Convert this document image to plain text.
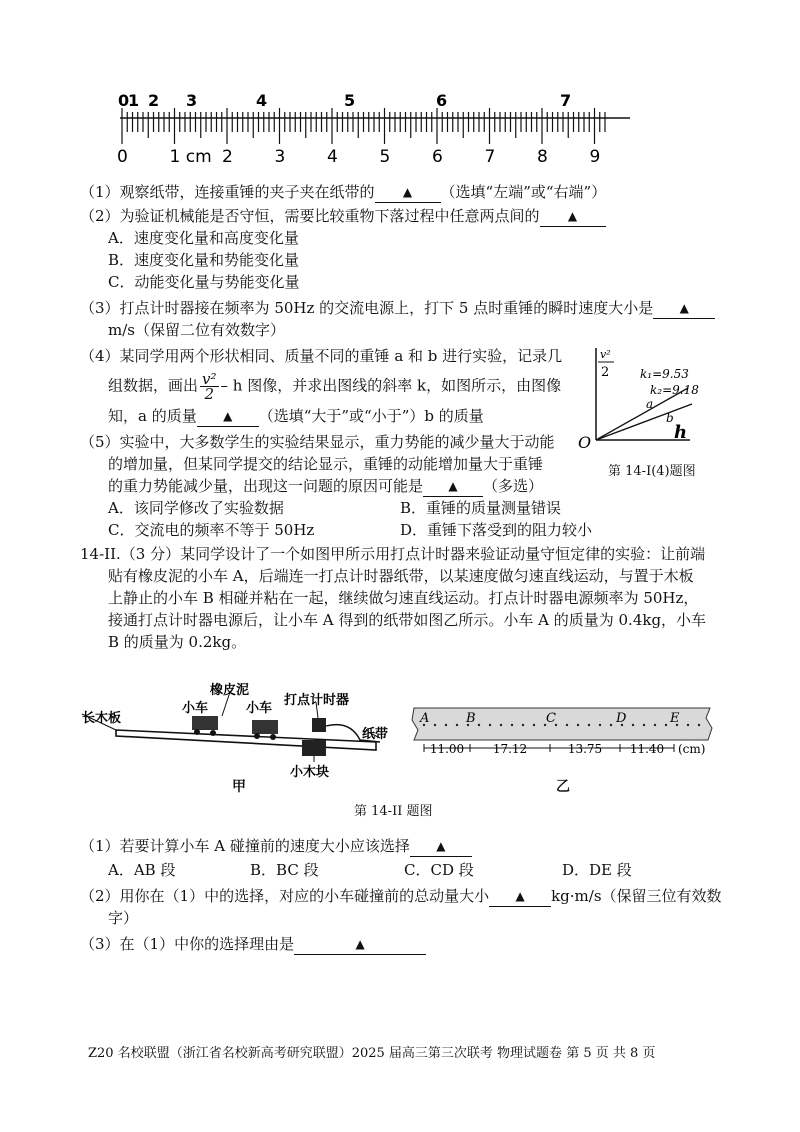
0
1 2 3	4	5	6	7
0 1 cm 2 3 4 5 6 7 8 9
（1）观察纸带，连接重锤的夹子夹在纸带的 ▲ （选填“左端”或“右端”）
（2）为验证机械能是否守恒，需要比较重物下落过程中任意两点间的 ▲
A．速度变化量和高度变化量
B．速度变化量和势能变化量
C．动能变化量与势能变化量
（3）打点计时器接在频率为 50Hz 的交流电源上，打下 5 点时重锤的瞬时速度大小是 ▲
m/s（保留二位有效数字）
（4）某同学用两个形状相同、质量不同的重锤 a 和 b 进行实验，记录几
组数据，画出 $\frac{\text{v²}}{2}$ – h 图像，并求出图线的斜率 k，如图所示，由图像
知，a 的质量 ▲ （选填“大于”或“小于”）b 的质量
（5）实验中，大多数学生的实验结果显示，重力势能的减少量大于动能
的增加量，但某同学提交的结论显示，重锤的动能增加量大于重锤
的重力势能减少量，出现这一问题的原因可能是 ▲ （多选）
A．该同学修改了实验数据	B．重锤的质量测量错误
C．交流电的频率不等于 50Hz	D．重锤下落受到的阻力较小
v²
2	k₁=9.53
k₂=9.18
a
b
O	h
第 14-I(4)题图
14-II.（3 分）某同学设计了一个如图甲所示用打点计时器来验证动量守恒定律的实验：让前端
贴有橡皮泥的小车 A，后端连一打点计时器纸带，以某速度做匀速直线运动，与置于木板
上静止的小车 B 相碰并粘在一起，继续做匀速直线运动。打点计时器电源频率为 50Hz，
接通打点计时器电源后，让小车 A 得到的纸带如图乙所示。小车 A 的质量为 0.4kg，小车
B 的质量为 0.2kg。
长木板
小车
橡皮泥
小车
打点计时器
纸带
小木块
甲
A	B	C	D	E
11.00 17.12	13.75 11.40 (cm)
乙
第 14-II 题图
（1）若要计算小车 A 碰撞前的速度大小应该选择 ▲
A．AB 段	B．BC 段	C．CD 段	D．DE 段
（2）用你在（1）中的选择，对应的小车碰撞前的总动量大小 ▲ kg·m/s（保留三位有效数
字）
（3）在（1）中你的选择理由是	▲
Z20 名校联盟（浙江省名校新高考研究联盟）2025 届高三第三次联考 物理试题卷 第 5 页 共 8 页
